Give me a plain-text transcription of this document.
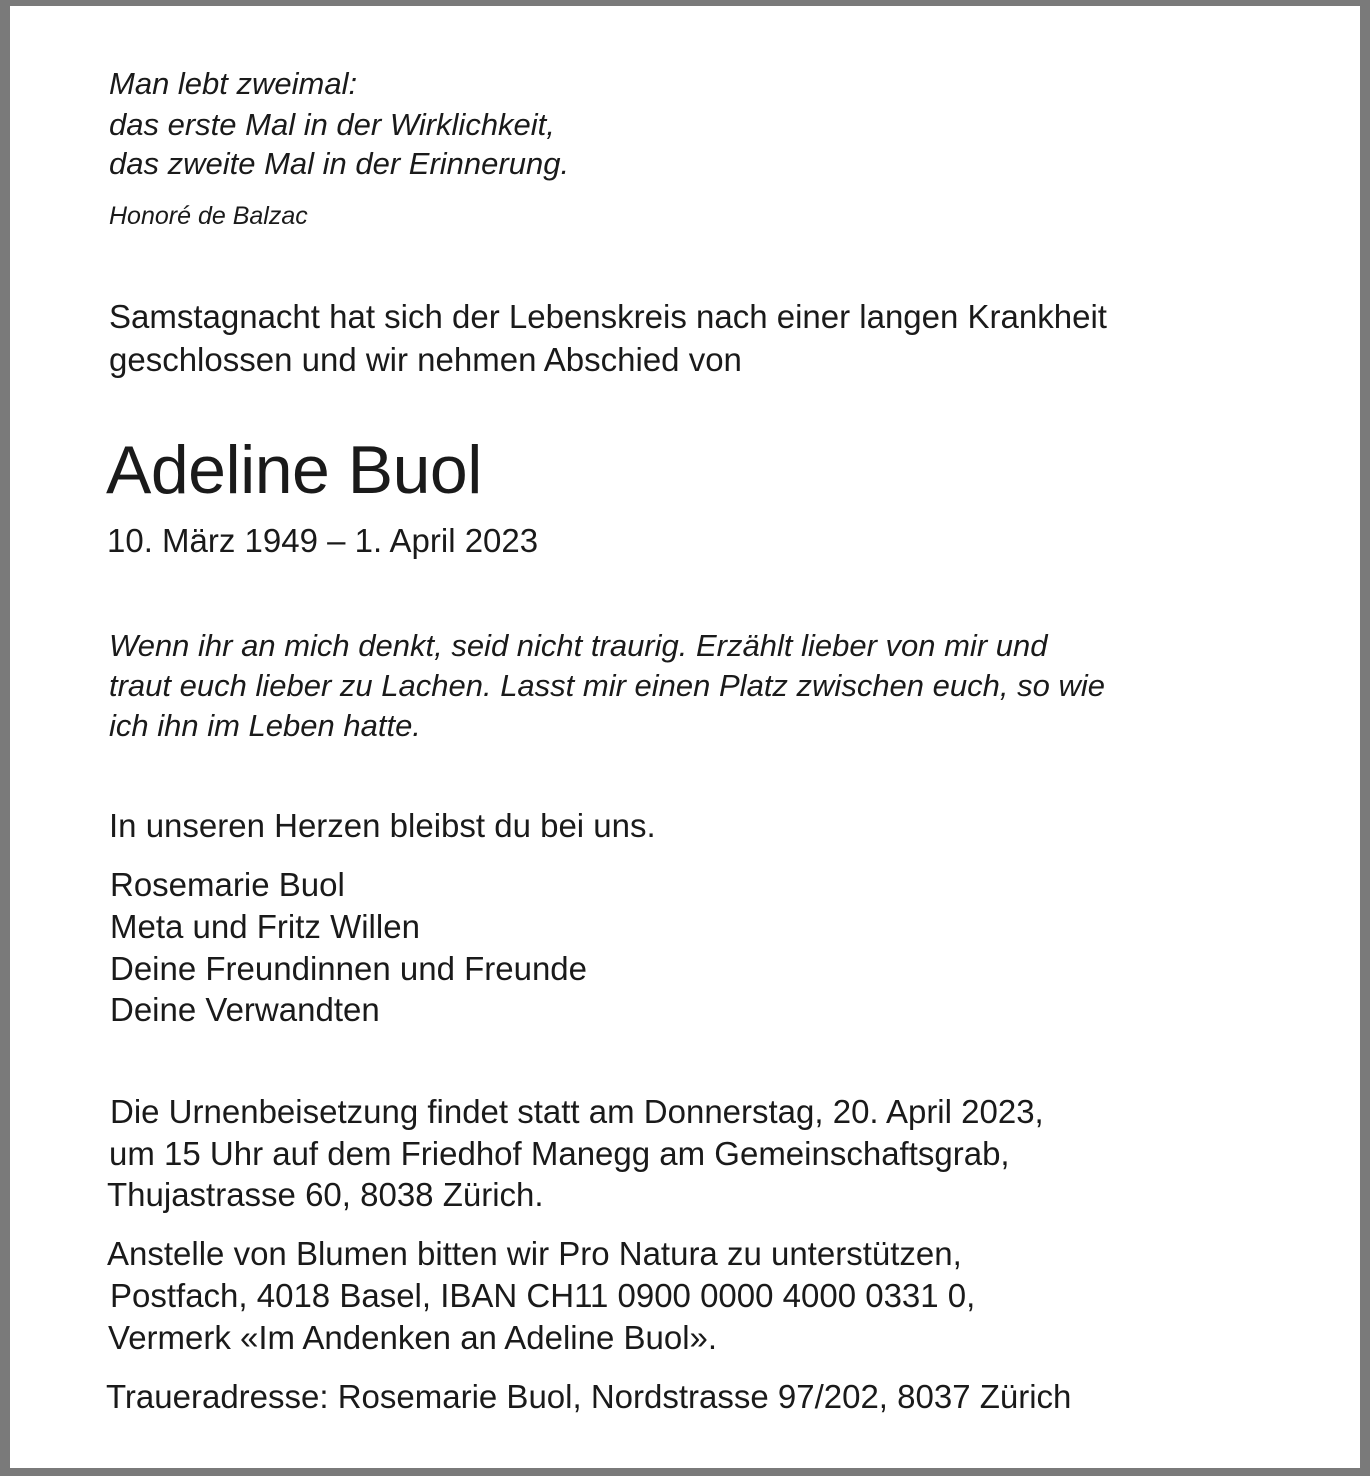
Man lebt zweimal:

das erste Mal in der Wirklichkeit,

das zweite Mal in der Erinnerung.

Honoré de Balzac

Samstagnacht hat sich der Lebenskreis nach einer langen Krankheit

geschlossen und wir nehmen Abschied von

Adeline Buol

10. März 1949 – 1. April 2023

Wenn ihr an mich denkt, seid nicht traurig. Erzählt lieber von mir und

traut euch lieber zu Lachen. Lasst mir einen Platz zwischen euch, so wie

ich ihn im Leben hatte.

In unseren Herzen bleibst du bei uns.

Rosemarie Buol

Meta und Fritz Willen

Deine Freundinnen und Freunde

Deine Verwandten

Die Urnenbeisetzung findet statt am Donnerstag, 20. April 2023,

um 15 Uhr auf dem Friedhof Manegg am Gemeinschaftsgrab,

Thujastrasse 60, 8038 Zürich.

Anstelle von Blumen bitten wir Pro Natura zu unterstützen,

Postfach, 4018 Basel, IBAN CH11 0900 0000 4000 0331 0,

Vermerk «Im Andenken an Adeline Buol».

Traueradresse: Rosemarie Buol, Nordstrasse 97/202, 8037 Zürich
